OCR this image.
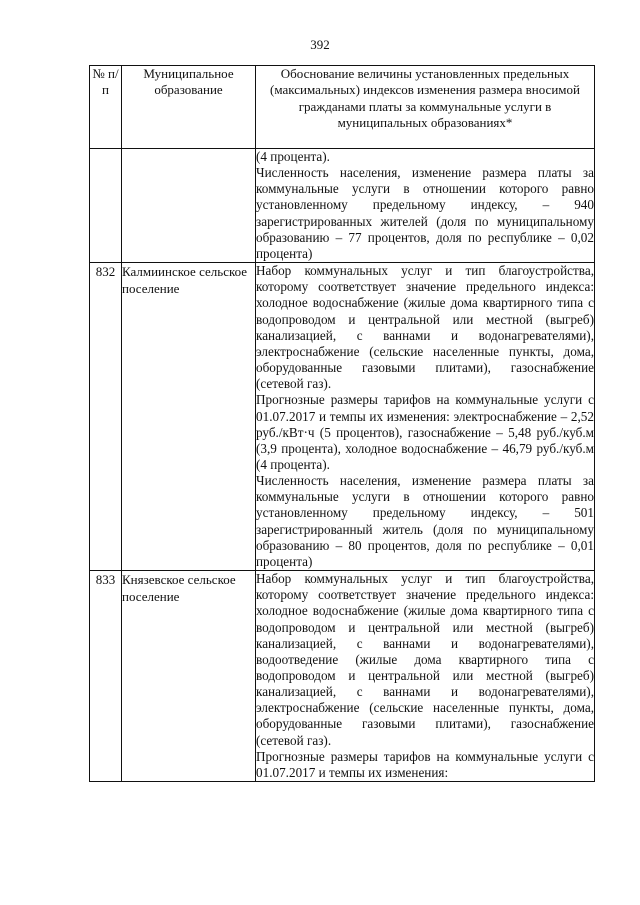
392
№ п/п	Муниципальное образование	Обоснование величины установленных предельных (максимальных) индексов изменения размера вносимой гражданами платы за коммунальные услуги в муниципальных образованиях*

		(4 процента).

Численность населения, изменение размера платы за коммунальные услуги в отношении которого равно установленному предельному индексу, – 940 зарегистрированных жителей (доля по муниципальному образованию – 77 процентов, доля по республике – 0,02 процента)

832	Калмиинское сельское поселение	Набор коммунальных услуг и тип благоустройства, которому соответствует значение предельного индекса: холодное водоснабжение (жилые дома квартирного типа с водопроводом и центральной или местной (выгреб) канализацией, с ваннами и водонагревателями), электроснабжение (сельские населенные пункты, дома, оборудованные газовыми плитами), газоснабжение (сетевой газ).

Прогнозные размеры тарифов на коммунальные услуги с 01.07.2017 и темпы их изменения: электроснабжение – 2,52 руб./кВт·ч (5 процентов), газоснабжение – 5,48 руб./куб.м (3,9 процента), холодное водоснабжение – 46,79 руб./куб.м (4 процента).

Численность населения, изменение размера платы за коммунальные услуги в отношении которого равно установленному предельному индексу, – 501 зарегистрированный житель (доля по муниципальному образованию – 80 процентов, доля по республике – 0,01 процента)

833	Князевское сельское поселение	Набор коммунальных услуг и тип благоустройства, которому соответствует значение предельного индекса: холодное водоснабжение (жилые дома квартирного типа с водопроводом и центральной или местной (выгреб) канализацией, с ваннами и водонагревателями), водоотведение (жилые дома квартирного типа с водопроводом и центральной или местной (выгреб) канализацией, с ваннами и водонагревателями), электроснабжение (сельские населенные пункты, дома, оборудованные газовыми плитами), газоснабжение (сетевой газ).

Прогнозные размеры тарифов на коммунальные услуги с 01.07.2017 и темпы их изменения:
